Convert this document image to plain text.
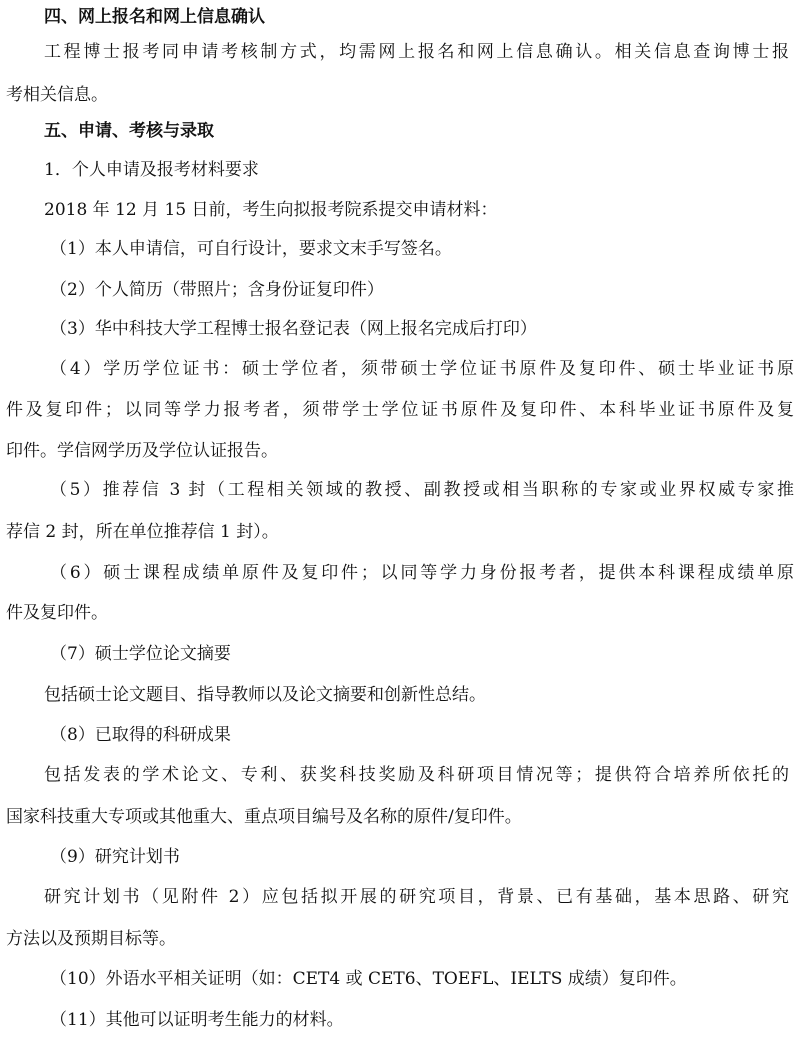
四、网上报名和网上信息确认
工程博士报考同申请考核制方式，均需网上报名和网上信息确认。相关信息查询博士报
考相关信息。
五、申请、考核与录取
1．个人申请及报考材料要求
2018 年 12 月 15 日前，考生向拟报考院系提交申请材料：
（1）本人申请信，可自行设计，要求文末手写签名。
（2）个人简历（带照片；含身份证复印件）
（3）华中科技大学工程博士报名登记表（网上报名完成后打印）
（4）学历学位证书：硕士学位者，须带硕士学位证书原件及复印件、硕士毕业证书原
件及复印件；以同等学力报考者，须带学士学位证书原件及复印件、本科毕业证书原件及复
印件。学信网学历及学位认证报告。
（5）推荐信 3 封（工程相关领域的教授、副教授或相当职称的专家或业界权威专家推
荐信 2 封，所在单位推荐信 1 封）。
（6）硕士课程成绩单原件及复印件；以同等学力身份报考者，提供本科课程成绩单原
件及复印件。
（7）硕士学位论文摘要
包括硕士论文题目、指导教师以及论文摘要和创新性总结。
（8）已取得的科研成果
包括发表的学术论文、专利、获奖科技奖励及科研项目情况等；提供符合培养所依托的
国家科技重大专项或其他重大、重点项目编号及名称的原件/复印件。
（9）研究计划书
研究计划书（见附件 2）应包括拟开展的研究项目，背景、已有基础，基本思路、研究
方法以及预期目标等。
（10）外语水平相关证明（如：CET4 或 CET6、TOEFL、IELTS 成绩）复印件。
（11）其他可以证明考生能力的材料。
